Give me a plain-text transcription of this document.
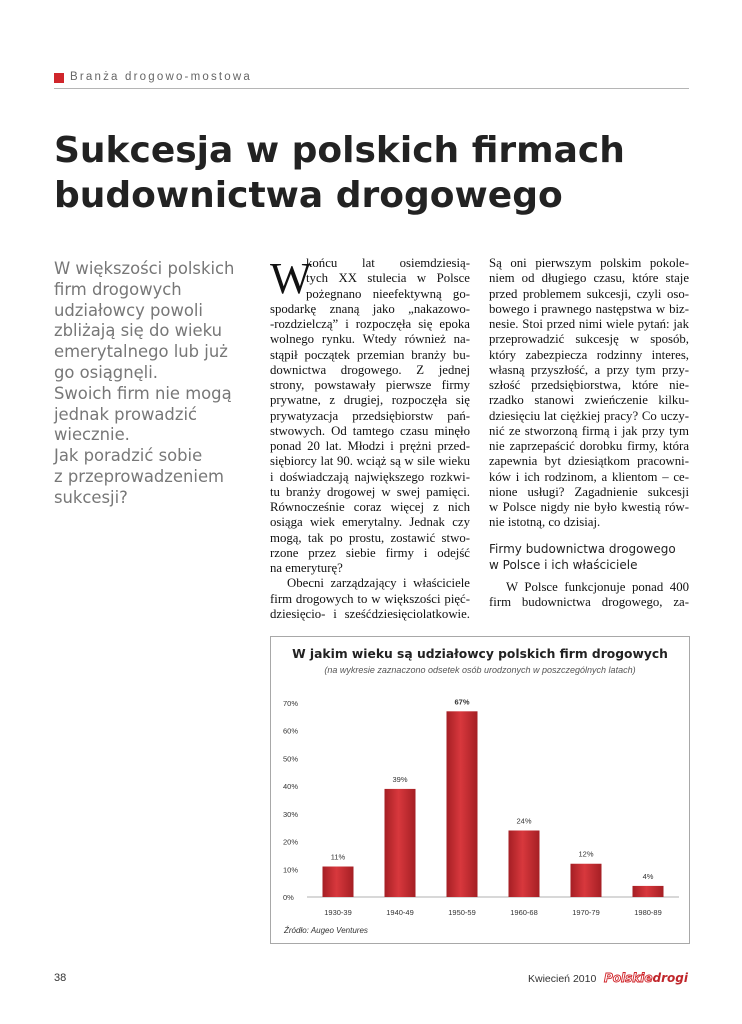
Branża drogowo-mostowa
Sukcesja w polskich firmach
budownictwa drogowego
W większości polskich
firm drogowych
udziałowcy powoli
zbliżają się do wieku
emerytalnego lub już
go osiągnęli.
Swoich firm nie mogą
jednak prowadzić
wiecznie.
Jak poradzić sobie
z przeprowadzeniem
sukcesji?
W
końcu lat osiemdziesią-
tych XX stulecia w Polsce
pożegnano nieefektywną go-
spodarkę znaną jako „nakazowo-
-rozdzielczą” i rozpoczęła się epoka
wolnego rynku. Wtedy również na-
stąpił początek przemian branży bu-
downictwa drogowego. Z jednej
strony, powstawały pierwsze firmy
prywatne, z drugiej, rozpoczęła się
prywatyzacja przedsiębiorstw pań-
stwowych. Od tamtego czasu minęło
ponad 20 lat. Młodzi i prężni przed-
siębiorcy lat 90. wciąż są w sile wieku
i doświadczają największego rozkwi-
tu branży drogowej w swej pamięci.
Równocześnie coraz więcej z nich
osiąga wiek emerytalny. Jednak czy
mogą, tak po prostu, zostawić stwo-
rzone przez siebie firmy i odejść
na emeryturę?
Obecni zarządzający i właściciele
firm drogowych to w większości pięć-
dziesięcio- i sześćdziesięciolatkowie.
Są oni pierwszym polskim pokole-
niem od długiego czasu, które staje
przed problemem sukcesji, czyli oso-
bowego i prawnego następstwa w biz-
nesie. Stoi przed nimi wiele pytań: jak
przeprowadzić sukcesję w sposób,
który zabezpiecza rodzinny interes,
własną przyszłość, a przy tym przy-
szłość przedsiębiorstwa, które nie-
rzadko stanowi zwieńczenie kilku-
dziesięciu lat ciężkiej pracy? Co uczy-
nić ze stworzoną firmą i jak przy tym
nie zaprzepaścić dorobku firmy, która
zapewnia byt dziesiątkom pracowni-
ków i ich rodzinom, a klientom – ce-
nione usługi? Zagadnienie sukcesji
w Polsce nigdy nie było kwestią rów-
nie istotną, co dzisiaj.
Firmy budownictwa drogowego
w Polsce i ich właściciele
W Polsce funkcjonuje ponad 400
firm budownictwa drogowego, za-
W jakim wieku są udziałowcy polskich firm drogowych
(na wykresie zaznaczono odsetek osób urodzonych w poszczególnych latach)
0%
10%
20%
30%
40%
50%
60%
70%
11%
1930-39
39%
1940-49
67%
1950-59
24%
1960-68
12%
1970-79
4%
1980-89
Źródło: Augeo Ventures
38	Kwiecień 2010 Polskiedrogi
